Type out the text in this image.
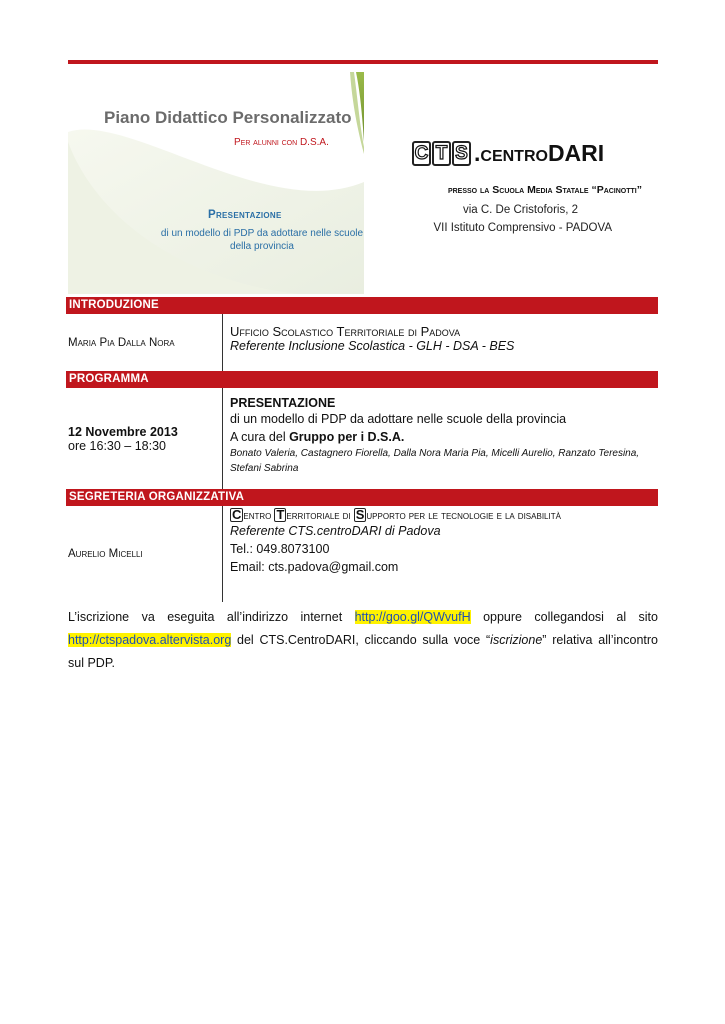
Piano Didattico Personalizzato
Per alunni con D.S.A.
Presentazione
di un modello di PDP da adottare nelle scuole della provincia
C T S .centroDARI
presso la Scuola Media Statale “Pacinotti”
via C. De Cristoforis, 2
VII Istituto Comprensivo - PADOVA
INTRODUZIONE
Maria Pia Dalla Nora
Ufficio Scolastico Territoriale di Padova
Referente Inclusione Scolastica - GLH - DSA - BES
PROGRAMMA
12 Novembre 2013
ore 16:30 – 18:30
PRESENTAZIONE
di un modello di PDP da adottare nelle scuole della provincia
A cura del Gruppo per i D.S.A.
Bonato Valeria, Castagnero Fiorella, Dalla Nora Maria Pia, Micelli Aurelio, Ranzato Teresina, Stefani Sabrina
SEGRETERIA ORGANIZZATIVA
Aurelio Micelli
C entro T erritoriale di S upporto per le tecnologie e la disabilità
Referente CTS.centroDARI di Padova
Tel.: 049.8073100
Email: cts.padova@gmail.com
L’iscrizione va eseguita all’indirizzo internet http://goo.gl/QWvufH oppure collegandosi al sito http://ctspadova.altervista.org del CTS.CentroDARI, cliccando sulla voce “iscrizione” relativa all’incontro sul PDP.
